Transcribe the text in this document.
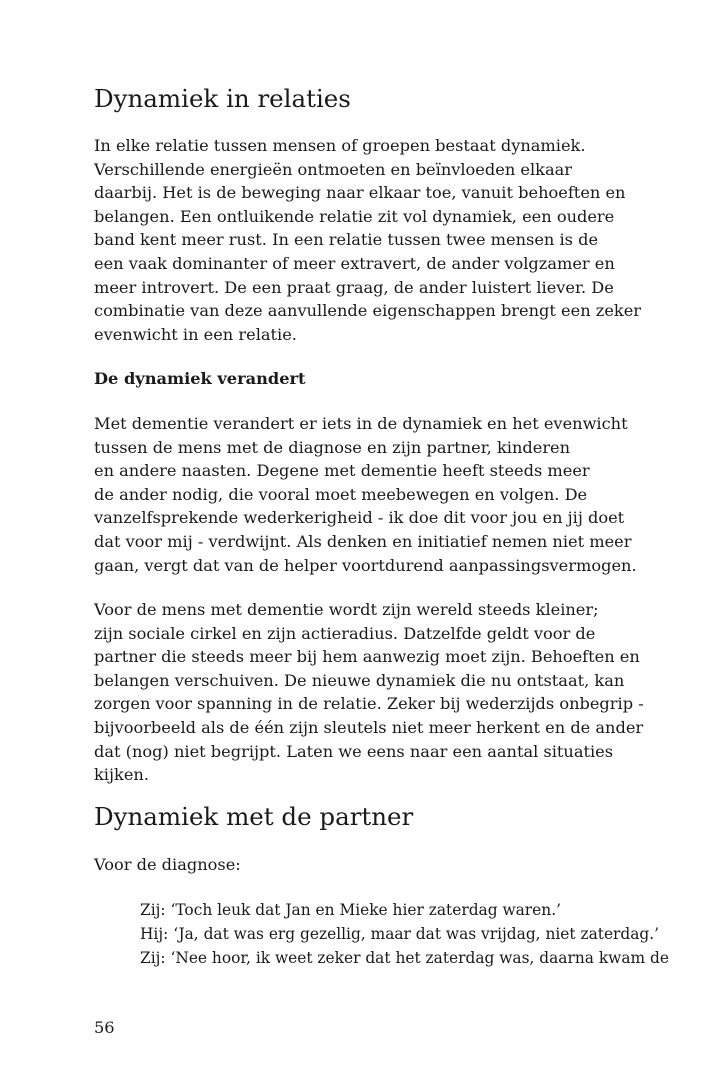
Dynamiek in relaties
In elke relatie tussen mensen of groepen bestaat dynamiek.
Verschillende energieën ontmoeten en beïnvloeden elkaar
daarbij. Het is de beweging naar elkaar toe, vanuit behoeften en
belangen. Een ontluikende relatie zit vol dynamiek, een oudere
band kent meer rust. In een relatie tussen twee mensen is de
een vaak dominanter of meer extravert, de ander volgzamer en
meer introvert. De een praat graag, de ander luistert liever. De
combinatie van deze aanvullende eigenschappen brengt een zeker
evenwicht in een relatie.
De dynamiek verandert
Met dementie verandert er iets in de dynamiek en het evenwicht
tussen de mens met de diagnose en zijn partner, kinderen
en andere naasten. Degene met dementie heeft steeds meer
de ander nodig, die vooral moet meebewegen en volgen. De
vanzelfsprekende wederkerigheid - ik doe dit voor jou en jij doet
dat voor mij - verdwijnt. Als denken en initiatief nemen niet meer
gaan, vergt dat van de helper voortdurend aanpassingsvermogen.
Voor de mens met dementie wordt zijn wereld steeds kleiner;
zijn sociale cirkel en zijn actieradius. Datzelfde geldt voor de
partner die steeds meer bij hem aanwezig moet zijn. Behoeften en
belangen verschuiven. De nieuwe dynamiek die nu ontstaat, kan
zorgen voor spanning in de relatie. Zeker bij wederzijds onbegrip -
bijvoorbeeld als de één zijn sleutels niet meer herkent en de ander
dat (nog) niet begrijpt. Laten we eens naar een aantal situaties
kijken.
Dynamiek met de partner
Voor de diagnose:
Zij: ‘Toch leuk dat Jan en Mieke hier zaterdag waren.’
Hij: ‘Ja, dat was erg gezellig, maar dat was vrijdag, niet zaterdag.’
Zij: ‘Nee hoor, ik weet zeker dat het zaterdag was, daarna kwam de
56
